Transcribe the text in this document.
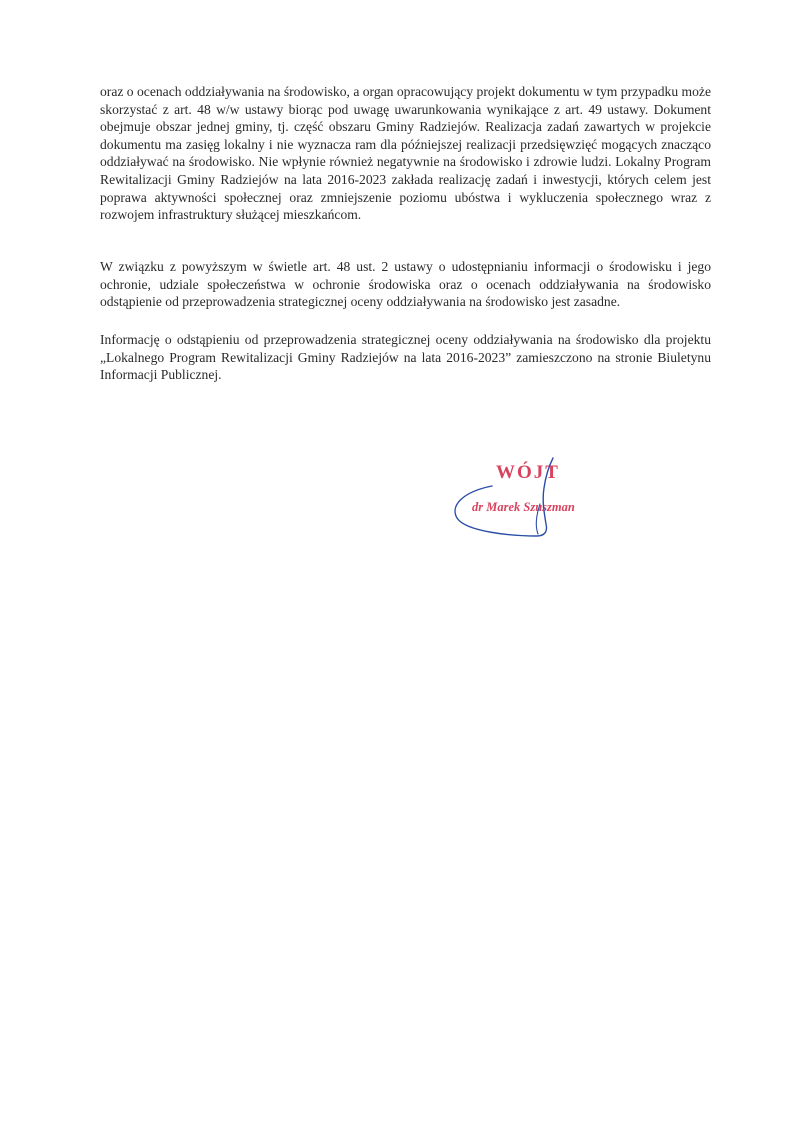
oraz o ocenach oddziaływania na środowisko, a organ opracowujący projekt dokumentu w tym przypadku może skorzystać z art. 48 w/w ustawy biorąc pod uwagę uwarunkowania wynikające z art. 49 ustawy. Dokument obejmuje obszar jednej gminy, tj. część obszaru Gminy Radziejów. Realizacja zadań zawartych w projekcie dokumentu ma zasięg lokalny i nie wyznacza ram dla późniejszej realizacji przedsięwzięć mogących znacząco oddziaływać na środowisko. Nie wpłynie również negatywnie na środowisko i zdrowie ludzi. Lokalny Program Rewitalizacji Gminy Radziejów na lata 2016-2023 zakłada realizację zadań i inwestycji, których celem jest poprawa aktywności społecznej oraz zmniejszenie poziomu ubóstwa i wykluczenia społecznego wraz z rozwojem infrastruktury służącej mieszkańcom.

W związku z powyższym w świetle art. 48 ust. 2 ustawy o udostępnianiu informacji o środowisku i jego ochronie, udziale społeczeństwa w ochronie środowiska oraz o ocenach oddziaływania na środowisko odstąpienie od przeprowadzenia strategicznej oceny oddziaływania na środowisko jest zasadne.

Informację o odstąpieniu od przeprowadzenia strategicznej oceny oddziaływania na środowisko dla projektu „Lokalnego Program Rewitalizacji Gminy Radziejów na lata 2016-2023” zamieszczono na stronie Biuletynu Informacji Publicznej.

WÓJT
dr Marek Szuszman
